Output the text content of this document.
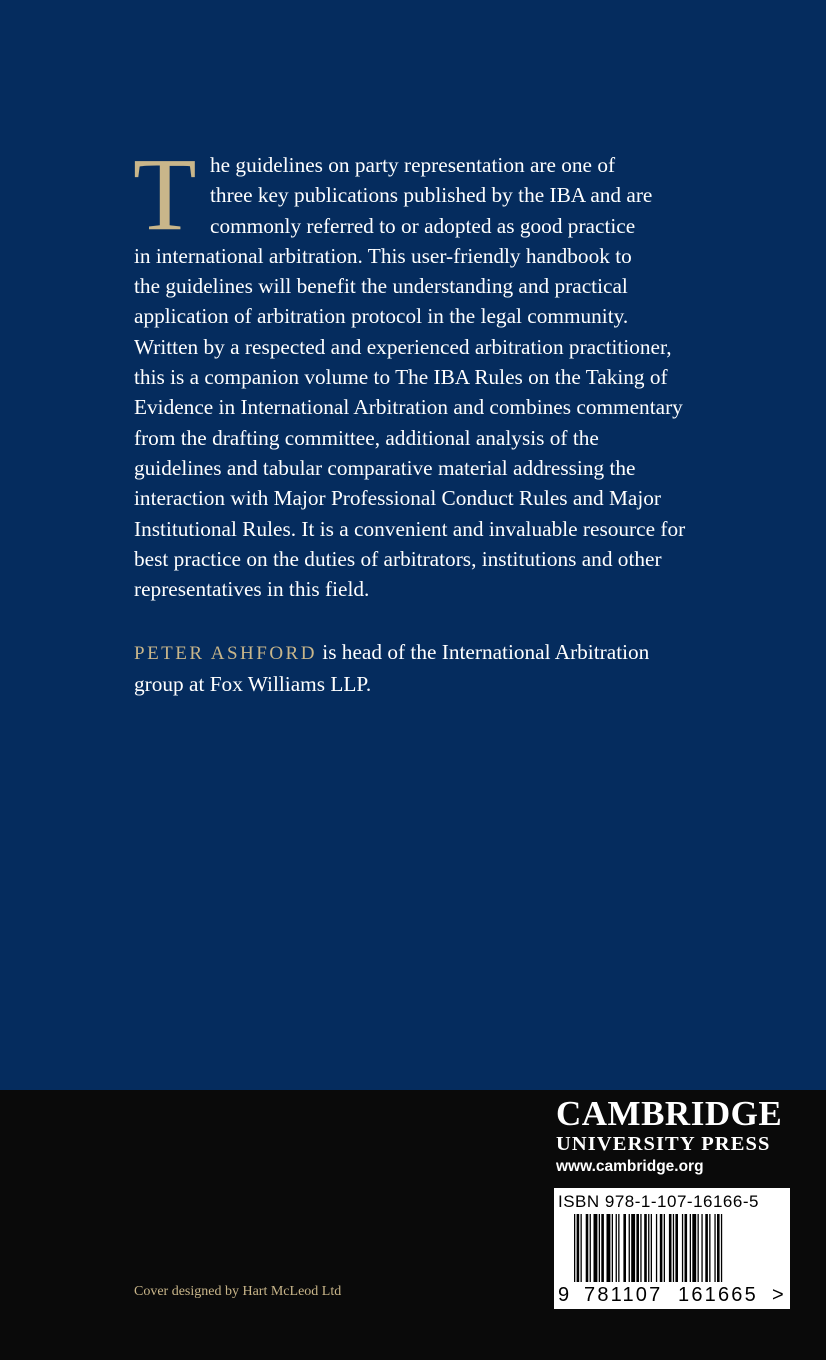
T he guidelines on party representation are one of
three key publications published by the IBA and are
commonly referred to or adopted as good practice
in international arbitration. This user-friendly handbook to
the guidelines will benefit the understanding and practical
application of arbitration protocol in the legal community.
Written by a respected and experienced arbitration practitioner,
this is a companion volume to The IBA Rules on the Taking of
Evidence in International Arbitration and combines commentary
from the drafting committee, additional analysis of the
guidelines and tabular comparative material addressing the
interaction with Major Professional Conduct Rules and Major
Institutional Rules. It is a convenient and invaluable resource for
best practice on the duties of arbitrators, institutions and other
representatives in this field.
PETER ASHFORD is head of the International Arbitration
group at Fox Williams LLP.
CAMBRIDGE
UNIVERSITY PRESS
www.cambridge.org
ISBN 978-1-107-16166-5
9 781107 161665 >
Cover designed by Hart McLeod Ltd
